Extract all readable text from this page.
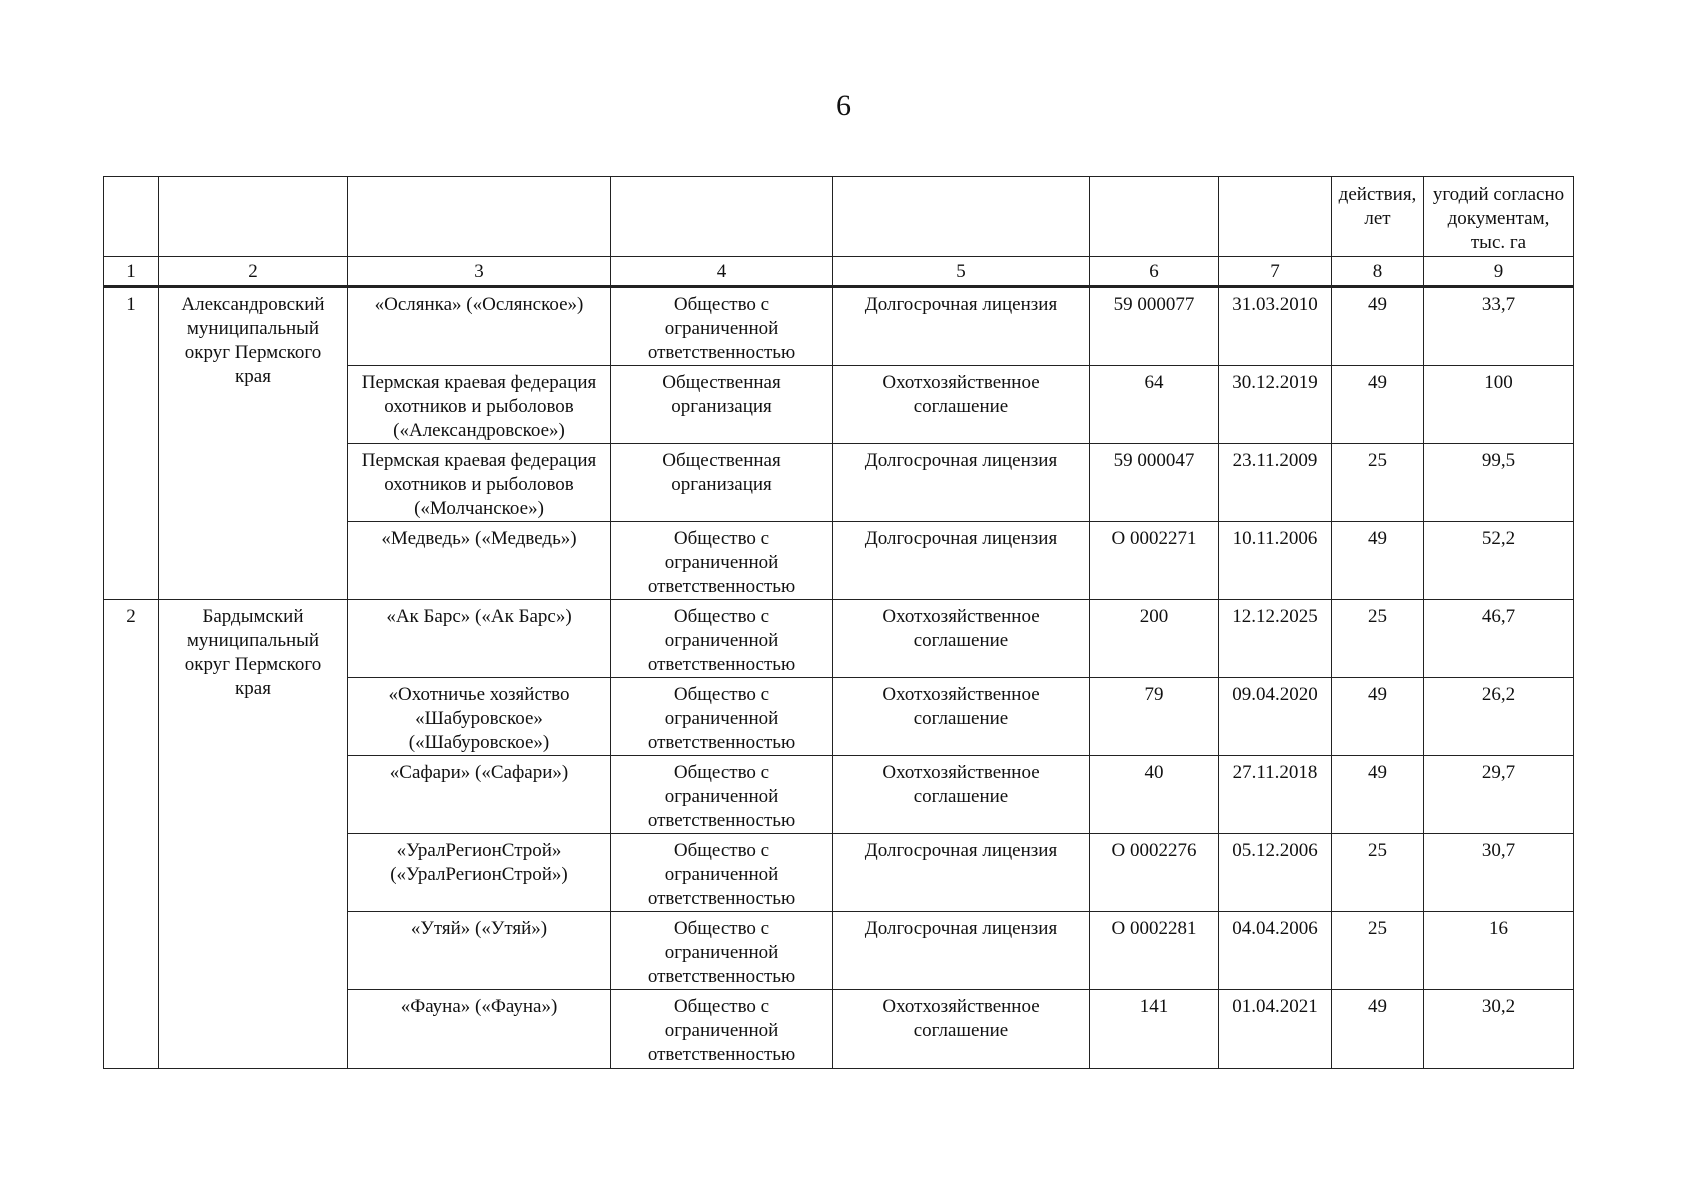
6
							действия, лет	угодий согласно документам, тыс. га
1	2	3	4	5	6	7	8	9
1	Александровский муниципальный округ Пермского края	«Ослянка» («Ослянское»)	Общество с ограниченной ответственностью	Долгосрочная лицензия	59 000077	31.03.2010	49	33,7
		Пермская краевая федерация охотников и рыболовов («Александровское»)	Общественная организация	Охотхозяйственное соглашение	64	30.12.2019	49	100
		Пермская краевая федерация охотников и рыболовов («Молчанское»)	Общественная организация	Долгосрочная лицензия	59 000047	23.11.2009	25	99,5
		«Медведь» («Медведь»)	Общество с ограниченной ответственностью	Долгосрочная лицензия	О 0002271	10.11.2006	49	52,2
2	Бардымский муниципальный округ Пермского края	«Ак Барс» («Ак Барс»)	Общество с ограниченной ответственностью	Охотхозяйственное соглашение	200	12.12.2025	25	46,7
		«Охотничье хозяйство «Шабуровское» («Шабуровское»)	Общество с ограниченной ответственностью	Охотхозяйственное соглашение	79	09.04.2020	49	26,2
		«Сафари» («Сафари»)	Общество с ограниченной ответственностью	Охотхозяйственное соглашение	40	27.11.2018	49	29,7
		«УралРегионСтрой» («УралРегионСтрой»)	Общество с ограниченной ответственностью	Долгосрочная лицензия	О 0002276	05.12.2006	25	30,7
		«Утяй» («Утяй»)	Общество с ограниченной ответственностью	Долгосрочная лицензия	О 0002281	04.04.2006	25	16
		«Фауна» («Фауна»)	Общество с ограниченной ответственностью	Охотхозяйственное соглашение	141	01.04.2021	49	30,2
